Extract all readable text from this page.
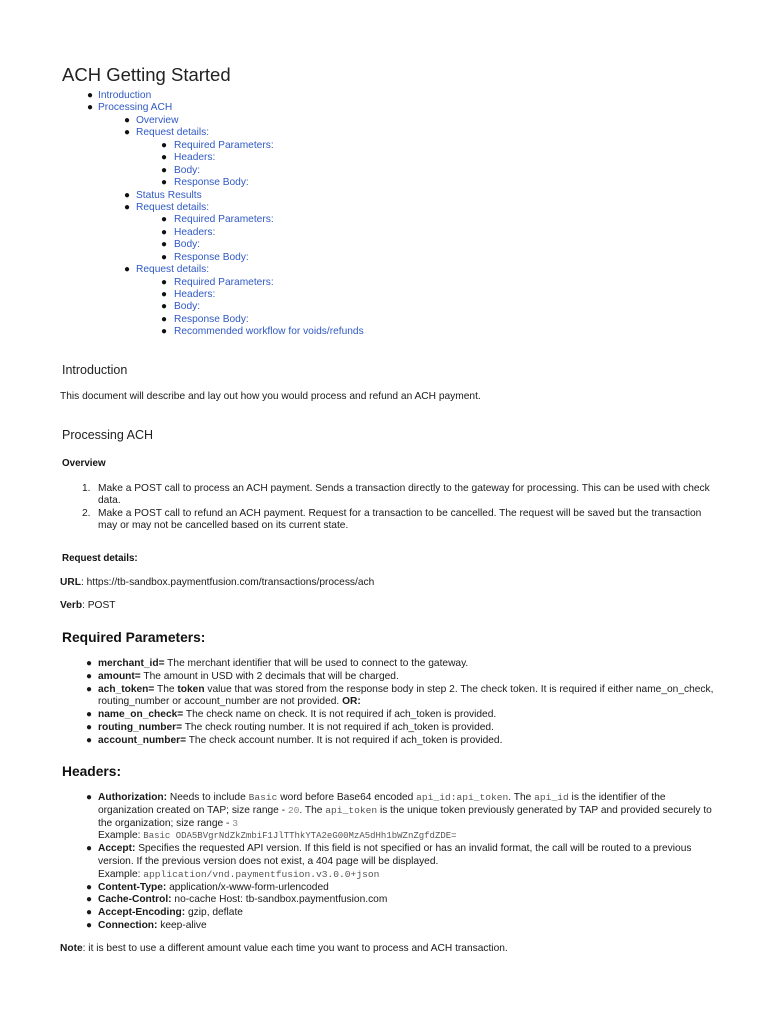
ACH Getting Started
● Introduction
● Processing ACH
● Overview
● Request details:
● Required Parameters:
● Headers:
● Body:
● Response Body:
● Status Results
● Request details:
● Required Parameters:
● Headers:
● Body:
● Response Body:
● Request details:
● Required Parameters:
● Headers:
● Body:
● Response Body:
● Recommended workflow for voids/refunds
Introduction
This document will describe and lay out how you would process and refund an ACH payment.
Processing ACH
Overview
1. Make a POST call to process an ACH payment. Sends a transaction directly to the gateway for processing. This can be used with check data.
2. Make a POST call to refund an ACH payment. Request for a transaction to be cancelled. The request will be saved but the transaction may or may not be cancelled based on its current state.
Request details:
URL: https://tb-sandbox.paymentfusion.com/transactions/process/ach
Verb: POST
Required Parameters:
● merchant_id= The merchant identifier that will be used to connect to the gateway.
● amount= The amount in USD with 2 decimals that will be charged.
● ach_token= The token value that was stored from the response body in step 2. The check token. It is required if either name_on_check, routing_number or account_number are not provided. OR:
● name_on_check= The check name on check. It is not required if ach_token is provided.
● routing_number= The check routing number. It is not required if ach_token is provided.
● account_number= The check account number. It is not required if ach_token is provided.
Headers:
● Authorization: Needs to include Basic word before Base64 encoded api_id:api_token. The api_id is the identifier of the organization created on TAP; size range - 20. The api_token is the unique token previously generated by TAP and provided securely to the organization; size range - 3
Example: Basic ODA5BVgrNdZkZmbiF1JlTThkYTA2eG00MzA5dHh1bWZnZgfdZDE=
● Accept: Specifies the requested API version. If this field is not specified or has an invalid format, the call will be routed to a previous version. If the previous version does not exist, a 404 page will be displayed.
Example: application/vnd.paymentfusion.v3.0.0+json
● Content-Type: application/x-www-form-urlencoded
● Cache-Control: no-cache Host: tb-sandbox.paymentfusion.com
● Accept-Encoding: gzip, deflate
● Connection: keep-alive
Note: it is best to use a different amount value each time you want to process and ACH transaction.
